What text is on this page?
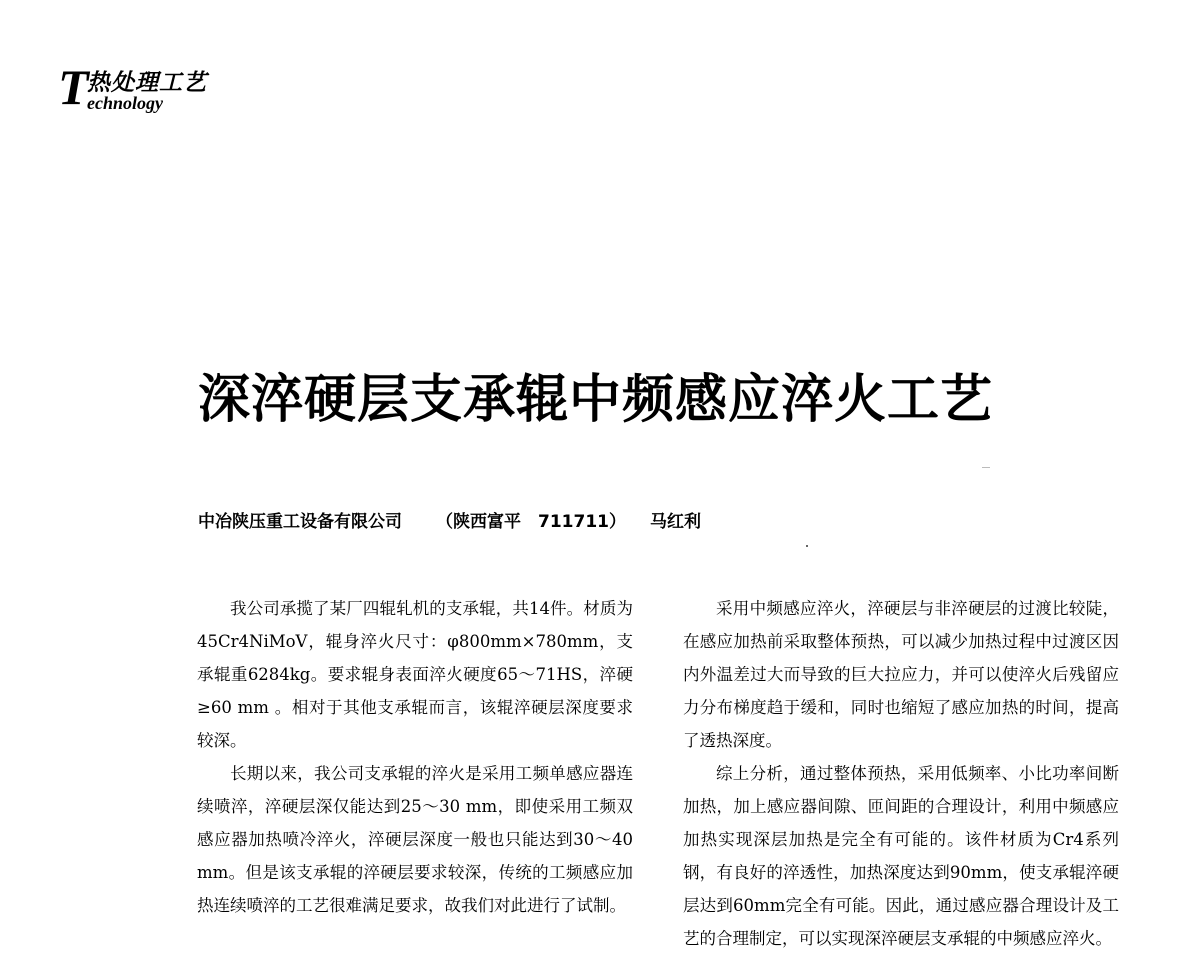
T
热处理工艺
echnology
深淬硬层支承辊中频感应淬火工艺
中冶陕压重工设备有限公司 （陕西富平　711711） 马红利

我公司承揽了某厂四辊轧机的支承辊，共14件。材质为45Cr4NiMoV，辊身淬火尺寸：φ800mm×780mm，支承辊重6284kg。要求辊身表面淬火硬度65～71HS，淬硬≥60 mm 。相对于其他支承辊而言，该辊淬硬层深度要求较深。

长期以来，我公司支承辊的淬火是采用工频单感应器连续喷淬，淬硬层深仅能达到25～30 mm，即使采用工频双感应器加热喷冷淬火，淬硬层深度一般也只能达到30～40 mm。但是该支承辊的淬硬层要求较深，传统的工频感应加热连续喷淬的工艺很难满足要求，故我们对此进行了试制。

采用中频感应淬火，淬硬层与非淬硬层的过渡比较陡，在感应加热前采取整体预热，可以减少加热过程中过渡区因内外温差过大而导致的巨大拉应力，并可以使淬火后残留应力分布梯度趋于缓和，同时也缩短了感应加热的时间，提高了透热深度。

综上分析，通过整体预热，采用低频率、小比功率间断加热，加上感应器间隙、匝间距的合理设计，利用中频感应加热实现深层加热是完全有可能的。该件材质为Cr4系列钢，有良好的淬透性，加热深度达到90mm，使支承辊淬硬层达到60mm完全有可能。因此，通过感应器合理设计及工艺的合理制定，可以实现深淬硬层支承辊的中频感应淬火。
